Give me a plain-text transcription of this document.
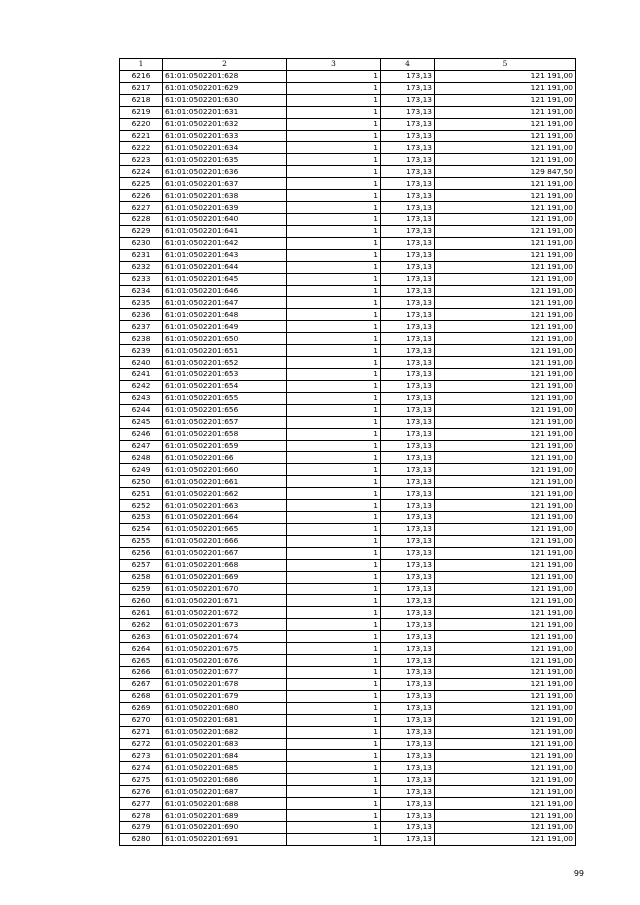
1	2	3	4	5
6216	61:01:0502201:628	1	173,13	121 191,00
6217	61:01:0502201:629	1	173,13	121 191,00
6218	61:01:0502201:630	1	173,13	121 191,00
6219	61:01:0502201:631	1	173,13	121 191,00
6220	61:01:0502201:632	1	173,13	121 191,00
6221	61:01:0502201:633	1	173,13	121 191,00
6222	61:01:0502201:634	1	173,13	121 191,00
6223	61:01:0502201:635	1	173,13	121 191,00
6224	61:01:0502201:636	1	173,13	129 847,50
6225	61:01:0502201:637	1	173,13	121 191,00
6226	61:01:0502201:638	1	173,13	121 191,00
6227	61:01:0502201:639	1	173,13	121 191,00
6228	61:01:0502201:640	1	173,13	121 191,00
6229	61:01:0502201:641	1	173,13	121 191,00
6230	61:01:0502201:642	1	173,13	121 191,00
6231	61:01:0502201:643	1	173,13	121 191,00
6232	61:01:0502201:644	1	173,13	121 191,00
6233	61:01:0502201:645	1	173,13	121 191,00
6234	61:01:0502201:646	1	173,13	121 191,00
6235	61:01:0502201:647	1	173,13	121 191,00
6236	61:01:0502201:648	1	173,13	121 191,00
6237	61:01:0502201:649	1	173,13	121 191,00
6238	61:01:0502201:650	1	173,13	121 191,00
6239	61:01:0502201:651	1	173,13	121 191,00
6240	61:01:0502201:652	1	173,13	121 191,00
6241	61:01:0502201:653	1	173,13	121 191,00
6242	61:01:0502201:654	1	173,13	121 191,00
6243	61:01:0502201:655	1	173,13	121 191,00
6244	61:01:0502201:656	1	173,13	121 191,00
6245	61:01:0502201:657	1	173,13	121 191,00
6246	61:01:0502201:658	1	173,13	121 191,00
6247	61:01:0502201:659	1	173,13	121 191,00
6248	61:01:0502201:66	1	173,13	121 191,00
6249	61:01:0502201:660	1	173,13	121 191,00
6250	61:01:0502201:661	1	173,13	121 191,00
6251	61:01:0502201:662	1	173,13	121 191,00
6252	61:01:0502201:663	1	173,13	121 191,00
6253	61:01:0502201:664	1	173,13	121 191,00
6254	61:01:0502201:665	1	173,13	121 191,00
6255	61:01:0502201:666	1	173,13	121 191,00
6256	61:01:0502201:667	1	173,13	121 191,00
6257	61:01:0502201:668	1	173,13	121 191,00
6258	61:01:0502201:669	1	173,13	121 191,00
6259	61:01:0502201:670	1	173,13	121 191,00
6260	61:01:0502201:671	1	173,13	121 191,00
6261	61:01:0502201:672	1	173,13	121 191,00
6262	61:01:0502201:673	1	173,13	121 191,00
6263	61:01:0502201:674	1	173,13	121 191,00
6264	61:01:0502201:675	1	173,13	121 191,00
6265	61:01:0502201:676	1	173,13	121 191,00
6266	61:01:0502201:677	1	173,13	121 191,00
6267	61:01:0502201:678	1	173,13	121 191,00
6268	61:01:0502201:679	1	173,13	121 191,00
6269	61:01:0502201:680	1	173,13	121 191,00
6270	61:01:0502201:681	1	173,13	121 191,00
6271	61:01:0502201:682	1	173,13	121 191,00
6272	61:01:0502201:683	1	173,13	121 191,00
6273	61:01:0502201:684	1	173,13	121 191,00
6274	61:01:0502201:685	1	173,13	121 191,00
6275	61:01:0502201:686	1	173,13	121 191,00
6276	61:01:0502201:687	1	173,13	121 191,00
6277	61:01:0502201:688	1	173,13	121 191,00
6278	61:01:0502201:689	1	173,13	121 191,00
6279	61:01:0502201:690	1	173,13	121 191,00
6280	61:01:0502201:691	1	173,13	121 191,00
99
